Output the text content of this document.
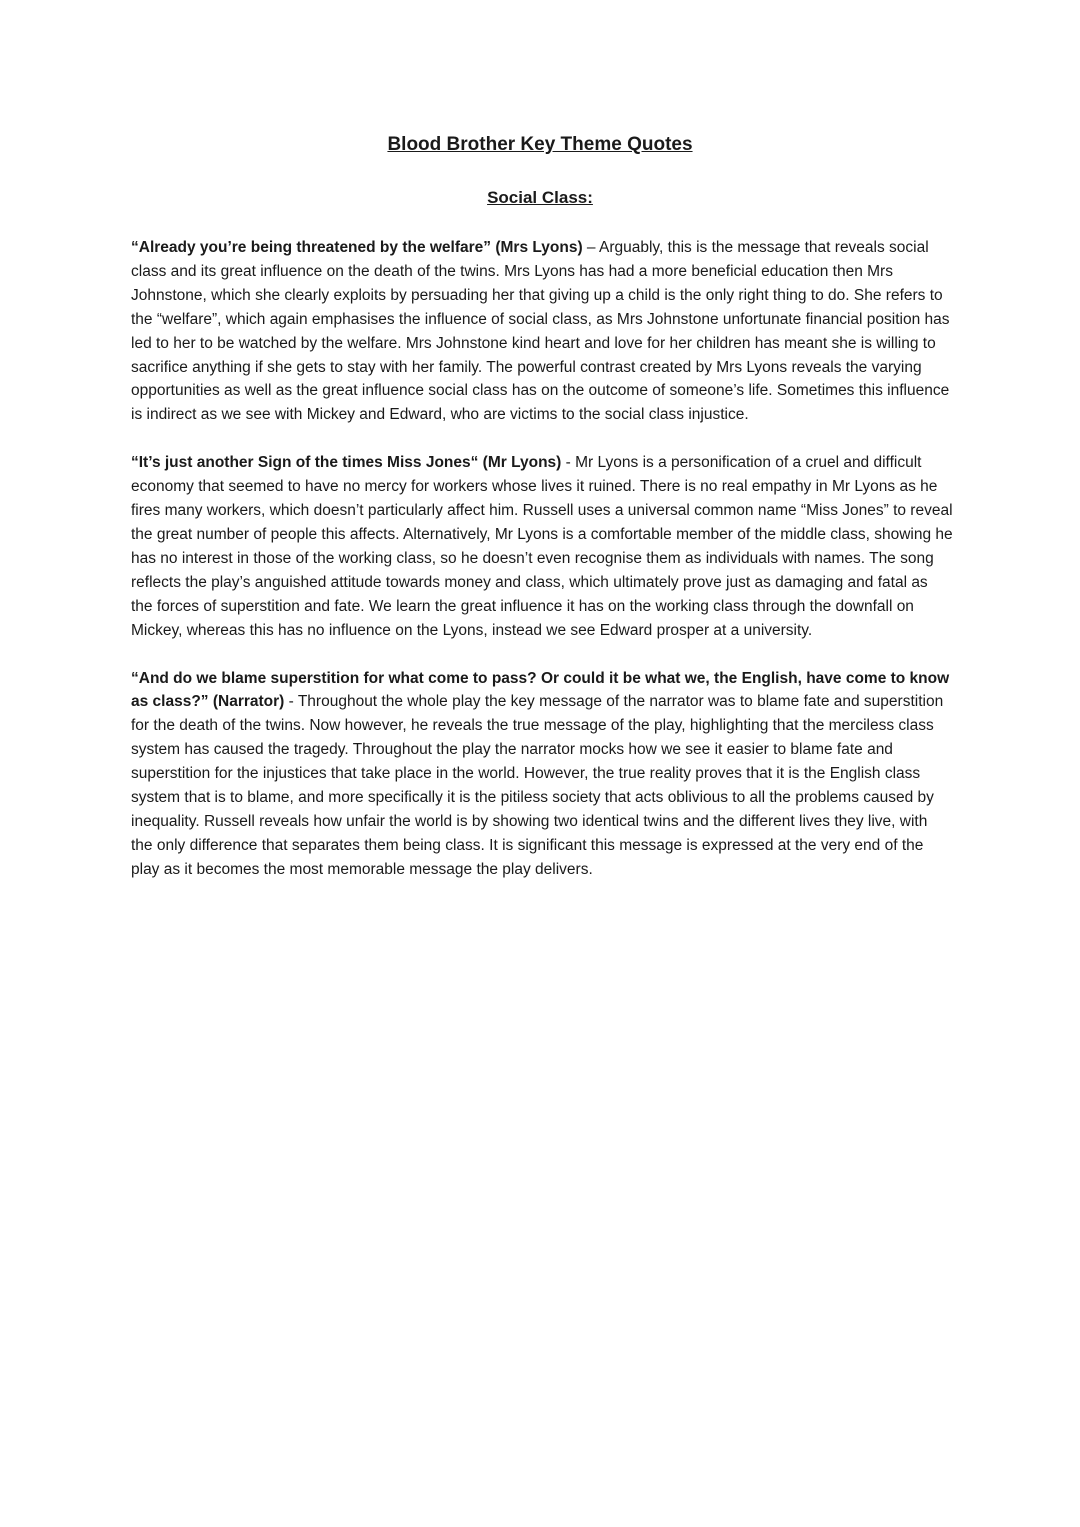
Blood Brother Key Theme Quotes
Social Class:

“Already you’re being threatened by the welfare” (Mrs Lyons) – Arguably, this is the message that reveals social class and its great influence on the death of the twins. Mrs Lyons has had a more beneficial education then Mrs Johnstone, which she clearly exploits by persuading her that giving up a child is the only right thing to do. She refers to the “welfare”, which again emphasises the influence of social class, as Mrs Johnstone unfortunate financial position has led to her to be watched by the welfare. Mrs Johnstone kind heart and love for her children has meant she is willing to sacrifice anything if she gets to stay with her family. The powerful contrast created by Mrs Lyons reveals the varying opportunities as well as the great influence social class has on the outcome of someone’s life. Sometimes this influence is indirect as we see with Mickey and Edward, who are victims to the social class injustice.

“It’s just another Sign of the times Miss Jones“ (Mr Lyons) - Mr Lyons is a personification of a cruel and difficult economy that seemed to have no mercy for workers whose lives it ruined. There is no real empathy in Mr Lyons as he fires many workers, which doesn’t particularly affect him. Russell uses a universal common name “Miss Jones” to reveal the great number of people this affects. Alternatively, Mr Lyons is a comfortable member of the middle class, showing he has no interest in those of the working class, so he doesn’t even recognise them as individuals with names. The song reflects the play’s anguished attitude towards money and class, which ultimately prove just as damaging and fatal as the forces of superstition and fate. We learn the great influence it has on the working class through the downfall on Mickey, whereas this has no influence on the Lyons, instead we see Edward prosper at a university.

“And do we blame superstition for what come to pass? Or could it be what we, the English, have come to know as class?” (Narrator) - Throughout the whole play the key message of the narrator was to blame fate and superstition for the death of the twins. Now however, he reveals the true message of the play, highlighting that the merciless class system has caused the tragedy. Throughout the play the narrator mocks how we see it easier to blame fate and superstition for the injustices that take place in the world. However, the true reality proves that it is the English class system that is to blame, and more specifically it is the pitiless society that acts oblivious to all the problems caused by inequality. Russell reveals how unfair the world is by showing two identical twins and the different lives they live, with the only difference that separates them being class. It is significant this message is expressed at the very end of the play as it becomes the most memorable message the play delivers.
